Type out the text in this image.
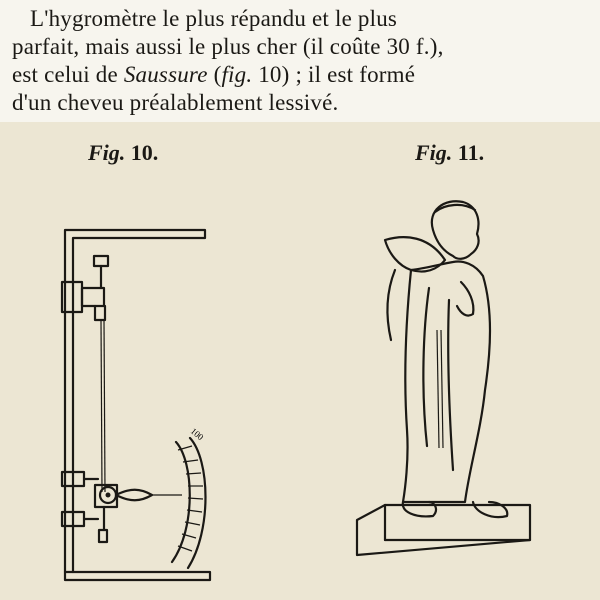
L'hygromètre le plus répandu et le plus
parfait, mais aussi le plus cher (il coûte 30 f.),
est celui de Saussure (fig. 10) ; il est formé
d'un cheveu préalablement lessivé.
Fig. 10.	Fig. 11.
100
